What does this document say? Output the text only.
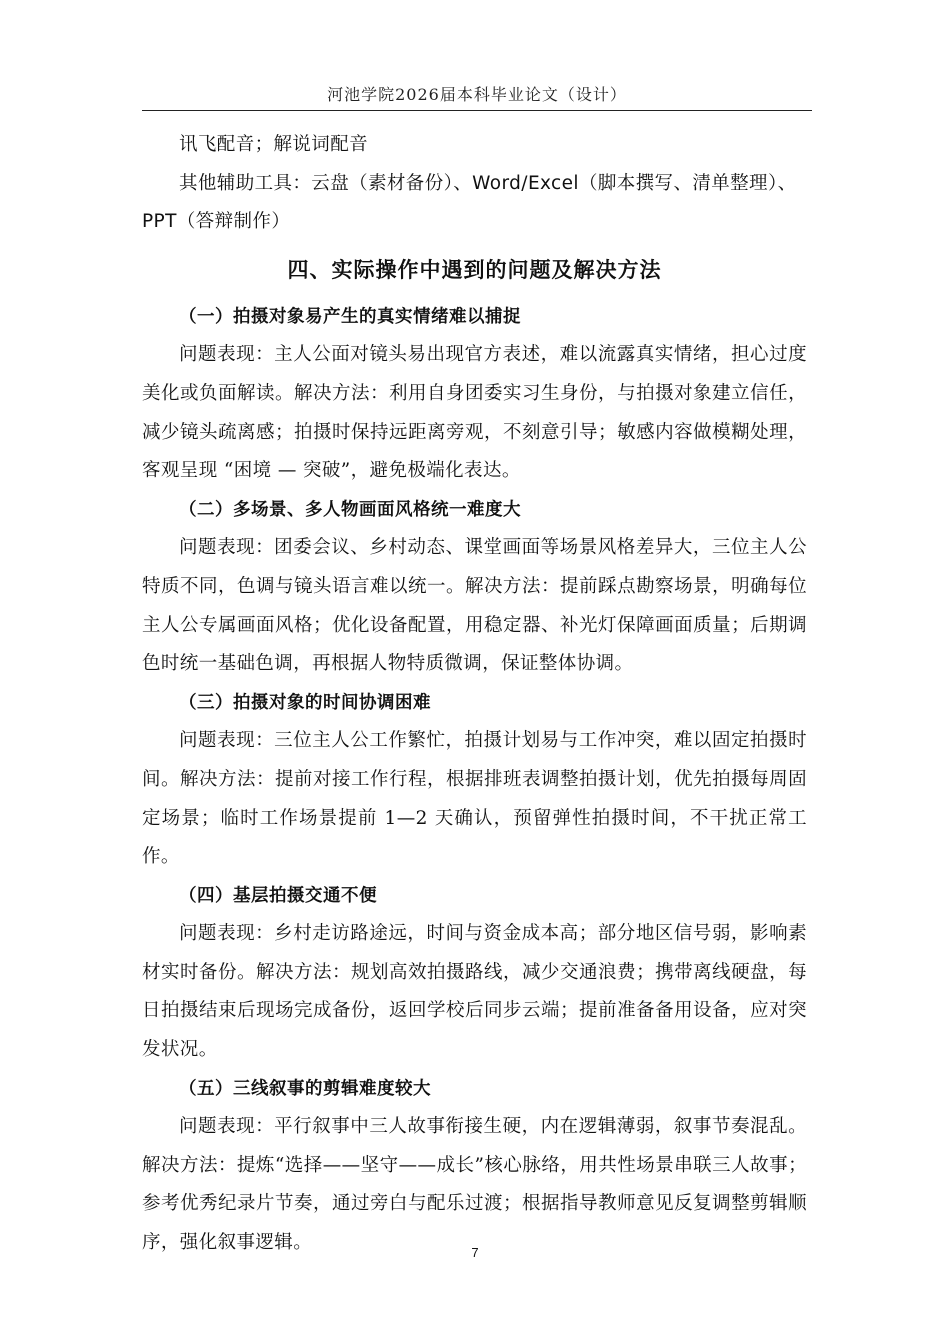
河池学院2026届本科毕业论文（设计）

讯飞配音；解说词配音

其他辅助工具：云盘（素材备份）、Word/Excel（脚本撰写、清单整理）、

PPT（答辩制作）

四、实际操作中遇到的问题及解决方法
（一）拍摄对象易产生的真实情绪难以捕捉

问题表现：主人公面对镜头易出现官方表述，难以流露真实情绪，担心过度美化或负面解读。解决方法：利用自身团委实习生身份，与拍摄对象建立信任，减少镜头疏离感；拍摄时保持远距离旁观，不刻意引导；敏感内容做模糊处理，客观呈现 “困境 — 突破”，避免极端化表达。

（二）多场景、多人物画面风格统一难度大

问题表现：团委会议、乡村动态、课堂画面等场景风格差异大，三位主人公特质不同，色调与镜头语言难以统一。解决方法：提前踩点勘察场景，明确每位主人公专属画面风格；优化设备配置，用稳定器、补光灯保障画面质量；后期调色时统一基础色调，再根据人物特质微调，保证整体协调。

（三）拍摄对象的时间协调困难

问题表现：三位主人公工作繁忙，拍摄计划易与工作冲突，难以固定拍摄时间。解决方法：提前对接工作行程，根据排班表调整拍摄计划，优先拍摄每周固定场景；临时工作场景提前 1—2 天确认，预留弹性拍摄时间，不干扰正常工作。

（四）基层拍摄交通不便

问题表现：乡村走访路途远，时间与资金成本高；部分地区信号弱，影响素材实时备份。解决方法：规划高效拍摄路线，减少交通浪费；携带离线硬盘，每日拍摄结束后现场完成备份，返回学校后同步云端；提前准备备用设备，应对突发状况。

（五）三线叙事的剪辑难度较大

问题表现：平行叙事中三人故事衔接生硬，内在逻辑薄弱，叙事节奏混乱。解决方法：提炼“选择——坚守——成长”核心脉络，用共性场景串联三人故事；参考优秀纪录片节奏，通过旁白与配乐过渡；根据指导教师意见反复调整剪辑顺序，强化叙事逻辑。	7
